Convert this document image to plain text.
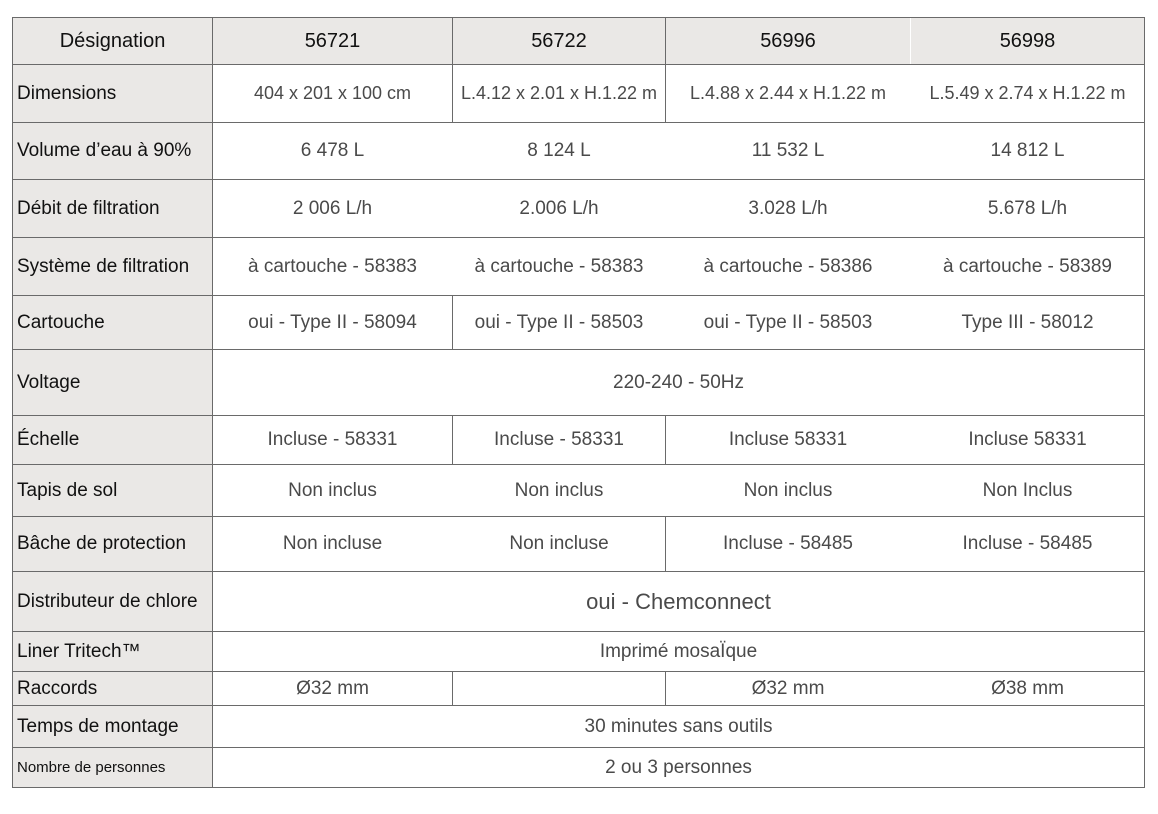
Désignation	56721	56722	56996	56998
Dimensions	404 x 201 x 100 cm	L.4.12 x 2.01 x H.1.22 m	L.4.88 x 2.44 x H.1.22 m	L.5.49 x 2.74 x H.1.22 m
Volume d’eau à 90%	6 478 L	8 124 L	11 532 L	14 812 L
Débit de filtration	2 006 L/h	2.006 L/h	3.028 L/h	5.678 L/h
Système de filtration	à cartouche - 58383	à cartouche - 58383	à cartouche - 58386	à cartouche - 58389
Cartouche	oui - Type II - 58094	oui - Type II - 58503	oui - Type II - 58503	Type III - 58012
Voltage	220-240 - 50Hz			
Échelle	Incluse - 58331	Incluse - 58331	Incluse 58331	Incluse 58331
Tapis de sol	Non inclus	Non inclus	Non inclus	Non Inclus
Bâche de protection	Non incluse	Non incluse	Incluse - 58485	Incluse - 58485
Distributeur de chlore	oui - Chemconnect			
Liner Tritech™	Imprimé mosaÏque			
Raccords	Ø32 mm		Ø32 mm	Ø38 mm
Temps de montage	30 minutes sans outils			
Nombre de personnes	2 ou 3 personnes			
